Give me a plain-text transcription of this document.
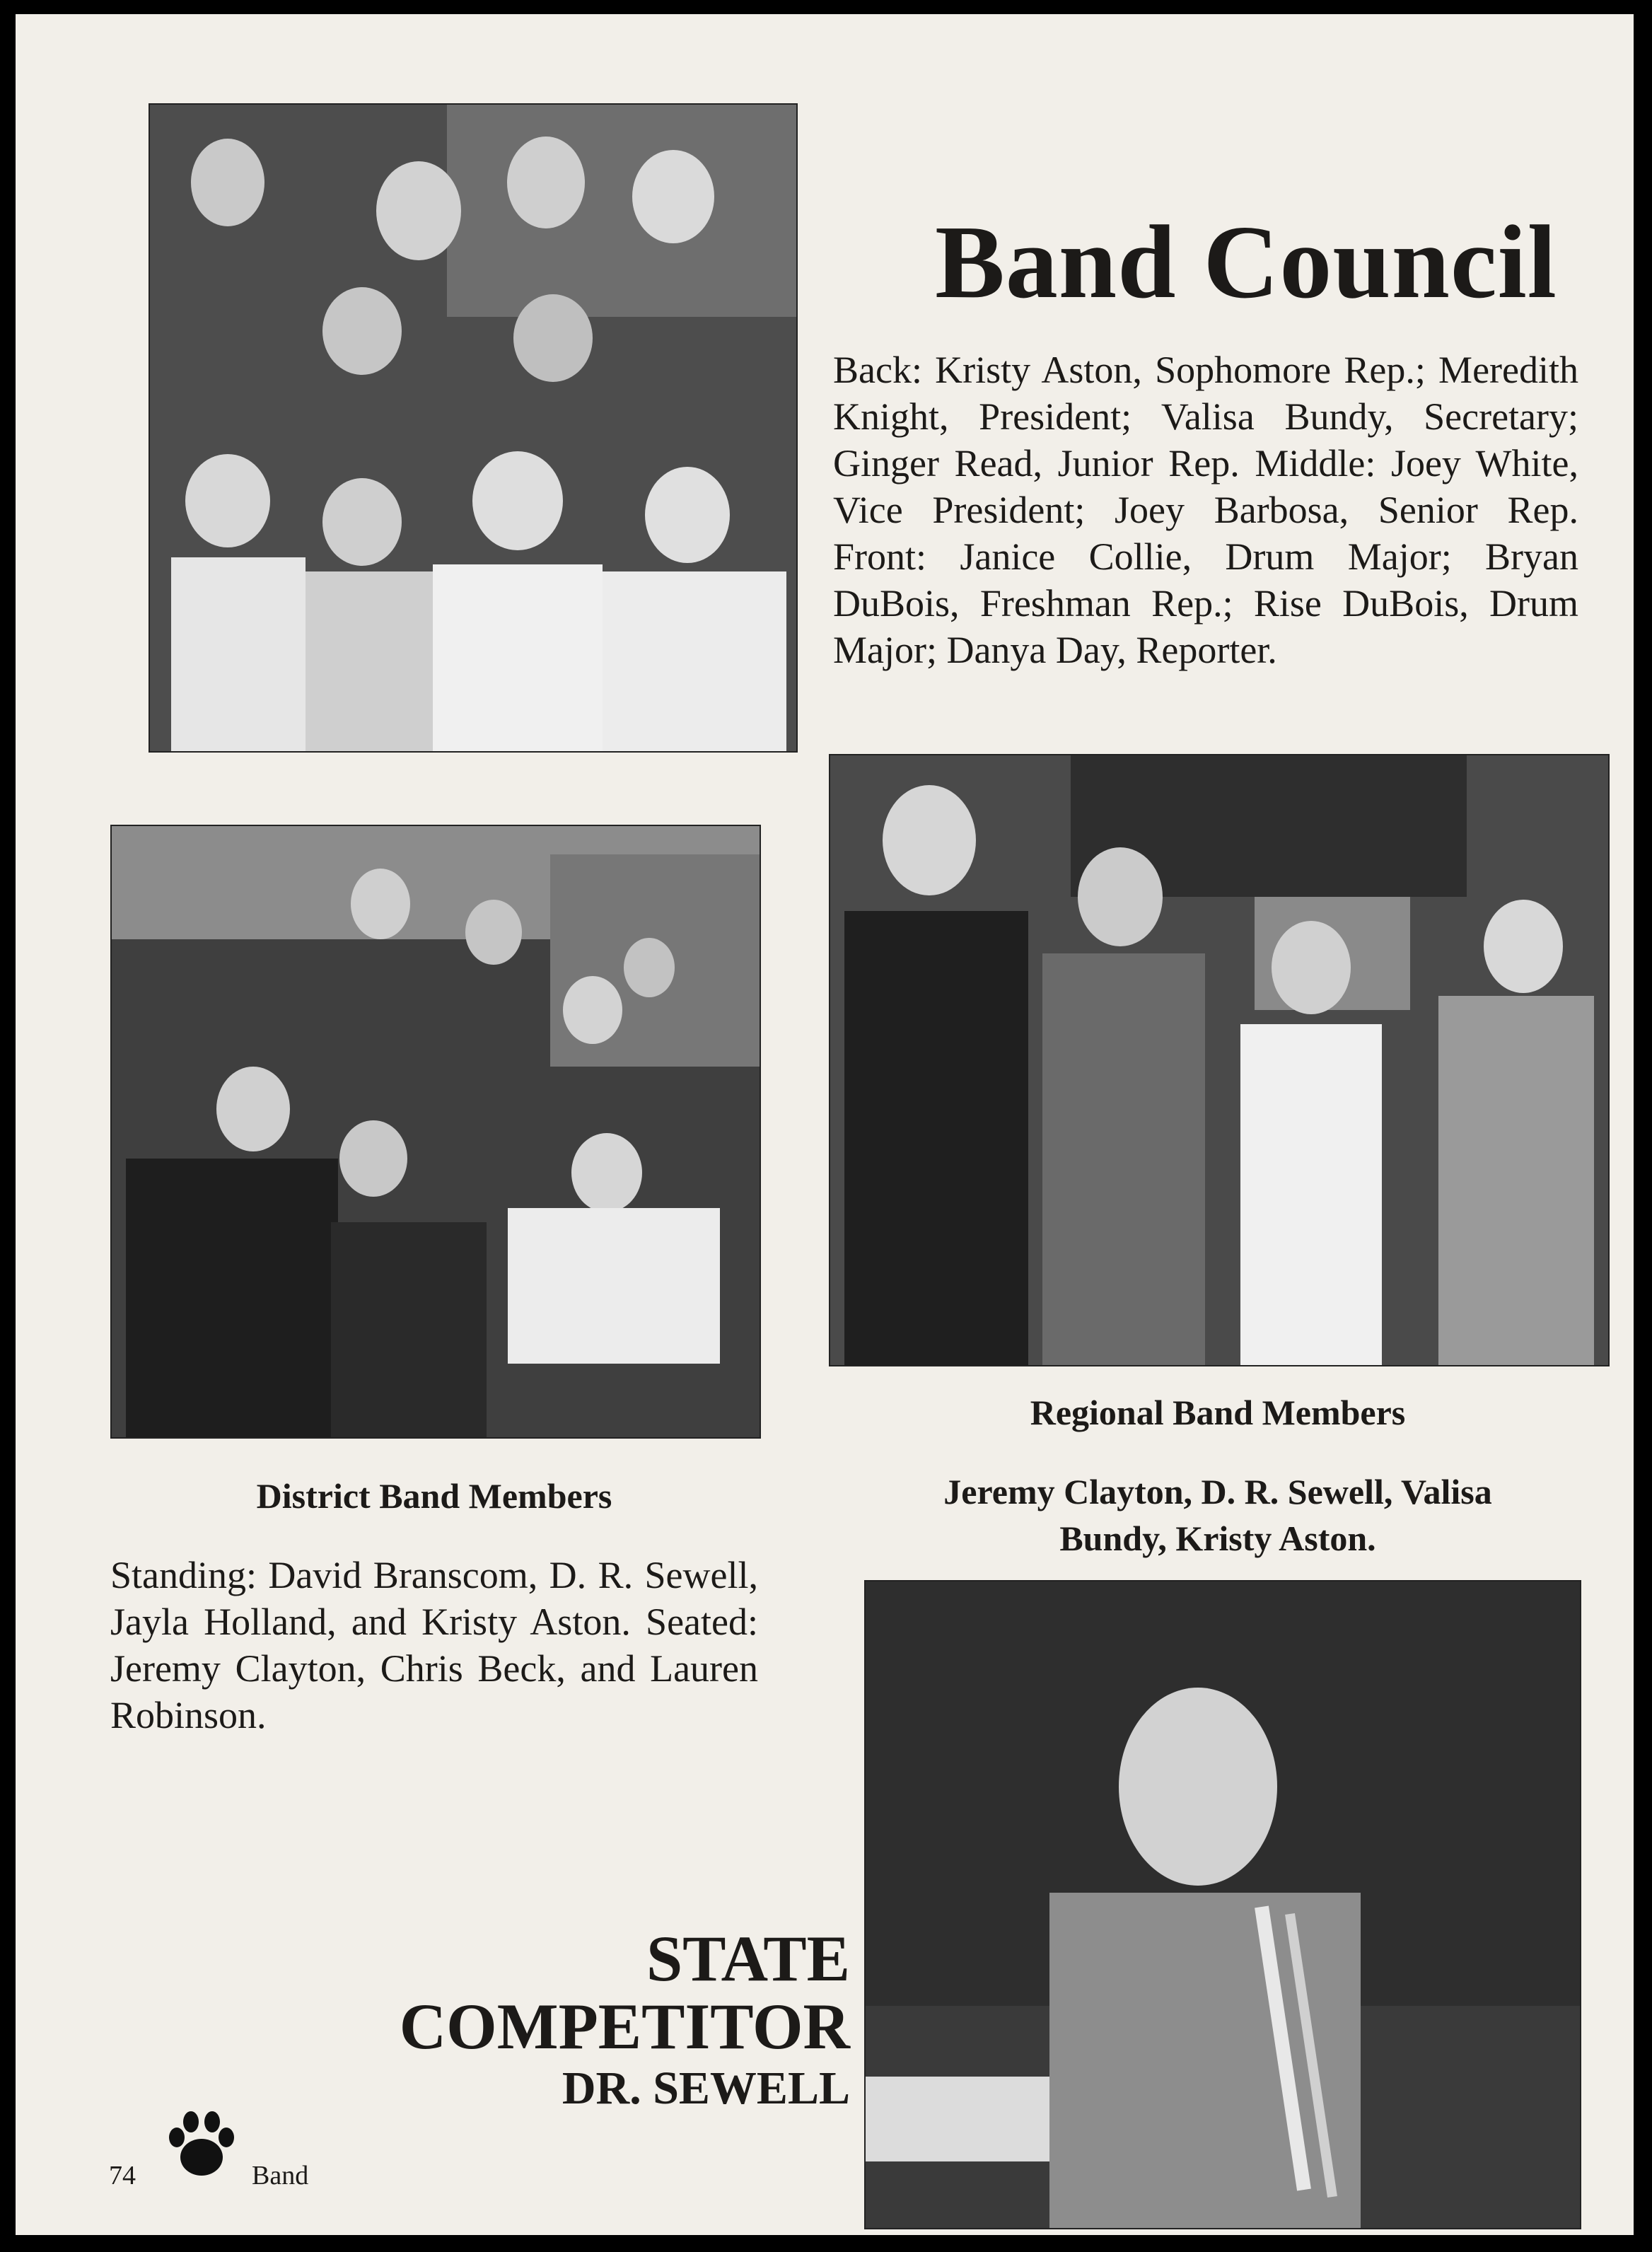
Band Council

Back: Kristy Aston, Sophomore Rep.; Meredith Knight, President; Valisa Bundy, Secretary; Ginger Read, Junior Rep. Middle: Joey White, Vice President; Joey Barbosa, Senior Rep. Front: Janice Collie, Drum Major; Bryan DuBois, Freshman Rep.; Rise DuBois, Drum Major; Danya Day, Reporter.

Regional Band Members
Jeremy Clayton, D. R. Sewell, Valisa
Bundy, Kristy Aston.
District Band Members

Standing: David Branscom, D. R. Sewell, Jayla Holland, and Kristy Aston. Seated: Jeremy Clayton, Chris Beck, and Lauren Robinson.

STATE
COMPETITOR
DR. SEWELL
74	Band
